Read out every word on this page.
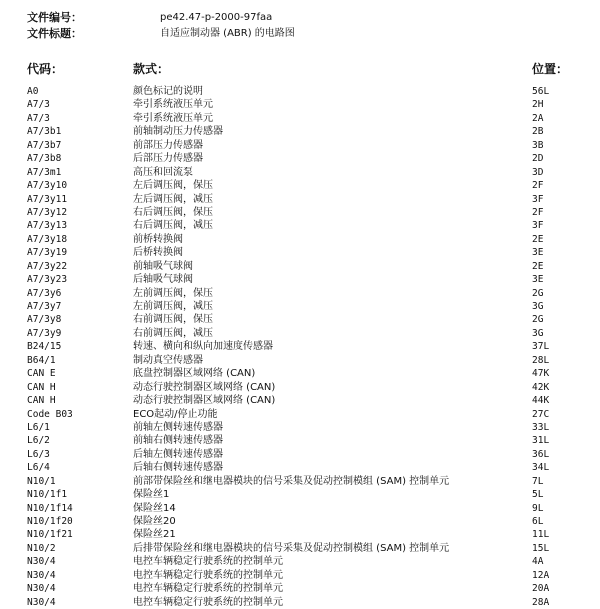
文件编号：	pe42.47-p-2000-97faa
文件标题：	自适应制动器 (ABR) 的电路图
代码：	款式：	位置：
A0	颜色标记的说明	56L
A7/3	牵引系统液压单元	2H
A7/3	牵引系统液压单元	2A
A7/3b1	前轴制动压力传感器	2B
A7/3b7	前部压力传感器	3B
A7/3b8	后部压力传感器	2D
A7/3m1	高压和回流泵	3D
A7/3y10	左后调压阀，保压	2F
A7/3y11	左后调压阀，减压	3F
A7/3y12	右后调压阀，保压	2F
A7/3y13	右后调压阀，减压	3F
A7/3y18	前桥转换阀	2E
A7/3y19	后桥转换阀	3E
A7/3y22	前轴吸气球阀	2E
A7/3y23	后轴吸气球阀	3E
A7/3y6	左前调压阀，保压	2G
A7/3y7	左前调压阀，减压	3G
A7/3y8	右前调压阀，保压	2G
A7/3y9	右前调压阀，减压	3G
B24/15	转速、横向和纵向加速度传感器	37L
B64/1	制动真空传感器	28L
CAN E	底盘控制器区域网络 (CAN)	47K
CAN H	动态行驶控制器区域网络 (CAN)	42K
CAN H	动态行驶控制器区域网络 (CAN)	44K
Code B03	ECO起动/停止功能	27C
L6/1	前轴左侧转速传感器	33L
L6/2	前轴右侧转速传感器	31L
L6/3	后轴左侧转速传感器	36L
L6/4	后轴右侧转速传感器	34L
N10/1	前部带保险丝和继电器模块的信号采集及促动控制模组 (SAM) 控制单元	7L
N10/1f1	保险丝1	5L
N10/1f14	保险丝14	9L
N10/1f20	保险丝20	6L
N10/1f21	保险丝21	11L
N10/2	后排带保险丝和继电器模块的信号采集及促动控制模组 (SAM) 控制单元	15L
N30/4	电控车辆稳定行驶系统的控制单元	4A
N30/4	电控车辆稳定行驶系统的控制单元	12A
N30/4	电控车辆稳定行驶系统的控制单元	20A
N30/4	电控车辆稳定行驶系统的控制单元	28A
